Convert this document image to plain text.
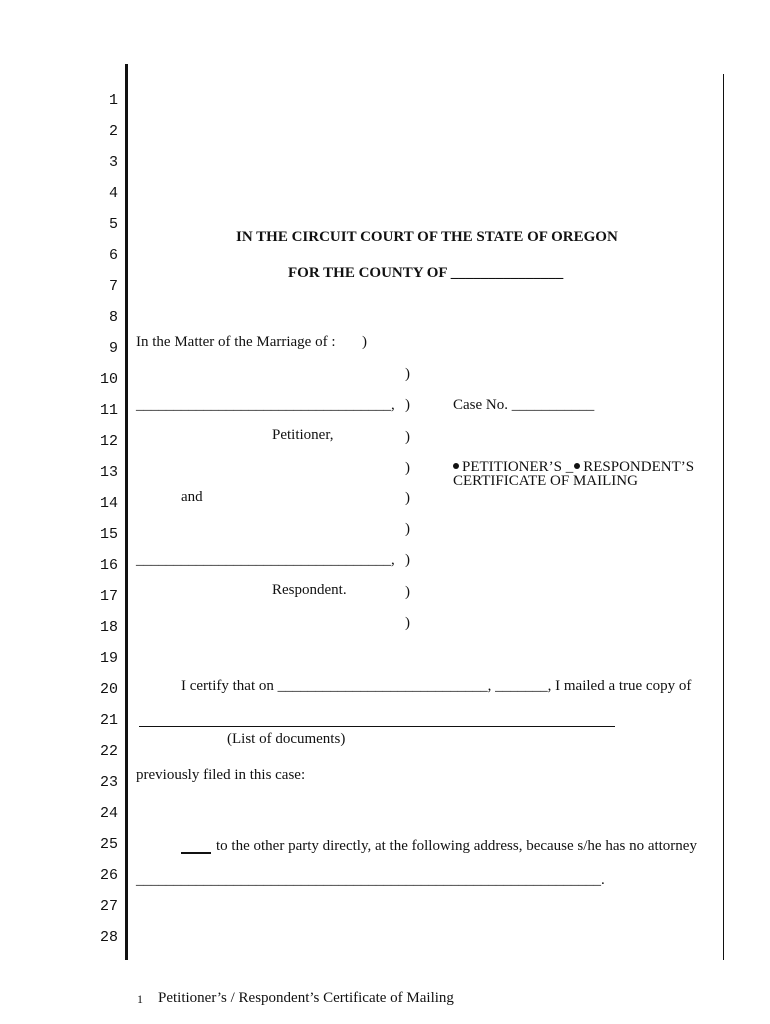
1
2
3
4
5
6
7
8
9
10
11
12
13
14
15
16
17
18
19
20
21
22
23
24
25
26
27
28
IN THE CIRCUIT COURT OF THE STATE OF OREGON
FOR THE COUNTY OF _______________
In the Matter of the Marriage of : )
)
__________________________________, )	Case No. ___________
Petitioner,	)
)	PETITIONER’S _ RESPONDENT’S
CERTIFICATE OF MAILING
and	)
)
__________________________________, )
Respondent.	)
)
I certify that on ____________________________, _______, I mailed a true copy of
(List of documents)
previously filed in this case:
to the other party directly, at the following address, because s/he has no attorney
______________________________________________________________.
1 Petitioner’s / Respondent’s Certificate of Mailing
